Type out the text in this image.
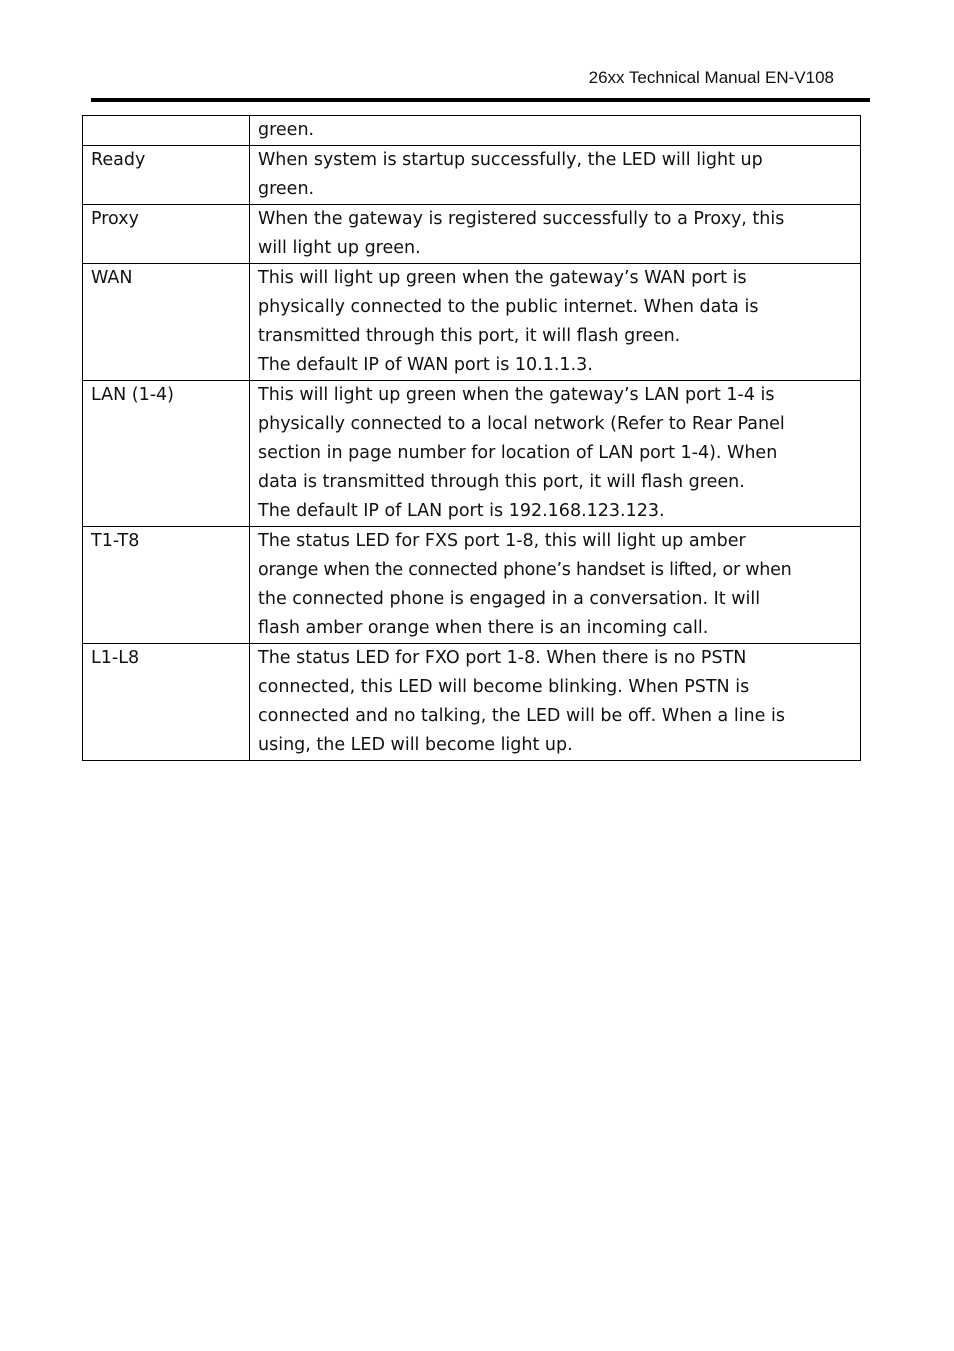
26xx Technical Manual EN-V108

	green.

Ready	When system is startup successfully, the LED will light up
green.

Proxy	When the gateway is registered successfully to a Proxy, this
will light up green.

WAN	This will light up green when the gateway’s WAN port is
physically connected to the public internet. When data is
transmitted through this port, it will flash green.
The default IP of WAN port is 10.1.1.3.

LAN (1-4)	This will light up green when the gateway’s LAN port 1-4 is
physically connected to a local network (Refer to Rear Panel
section in page number for location of LAN port 1-4). When
data is transmitted through this port, it will flash green.
The default IP of LAN port is 192.168.123.123.

T1-T8	The status LED for FXS port 1-8, this will light up amber
orange when the connected phone’s handset is lifted, or when
the connected phone is engaged in a conversation. It will
flash amber orange when there is an incoming call.

L1-L8	The status LED for FXO port 1-8. When there is no PSTN
connected, this LED will become blinking. When PSTN is
connected and no talking, the LED will be off. When a line is
using, the LED will become light up.
